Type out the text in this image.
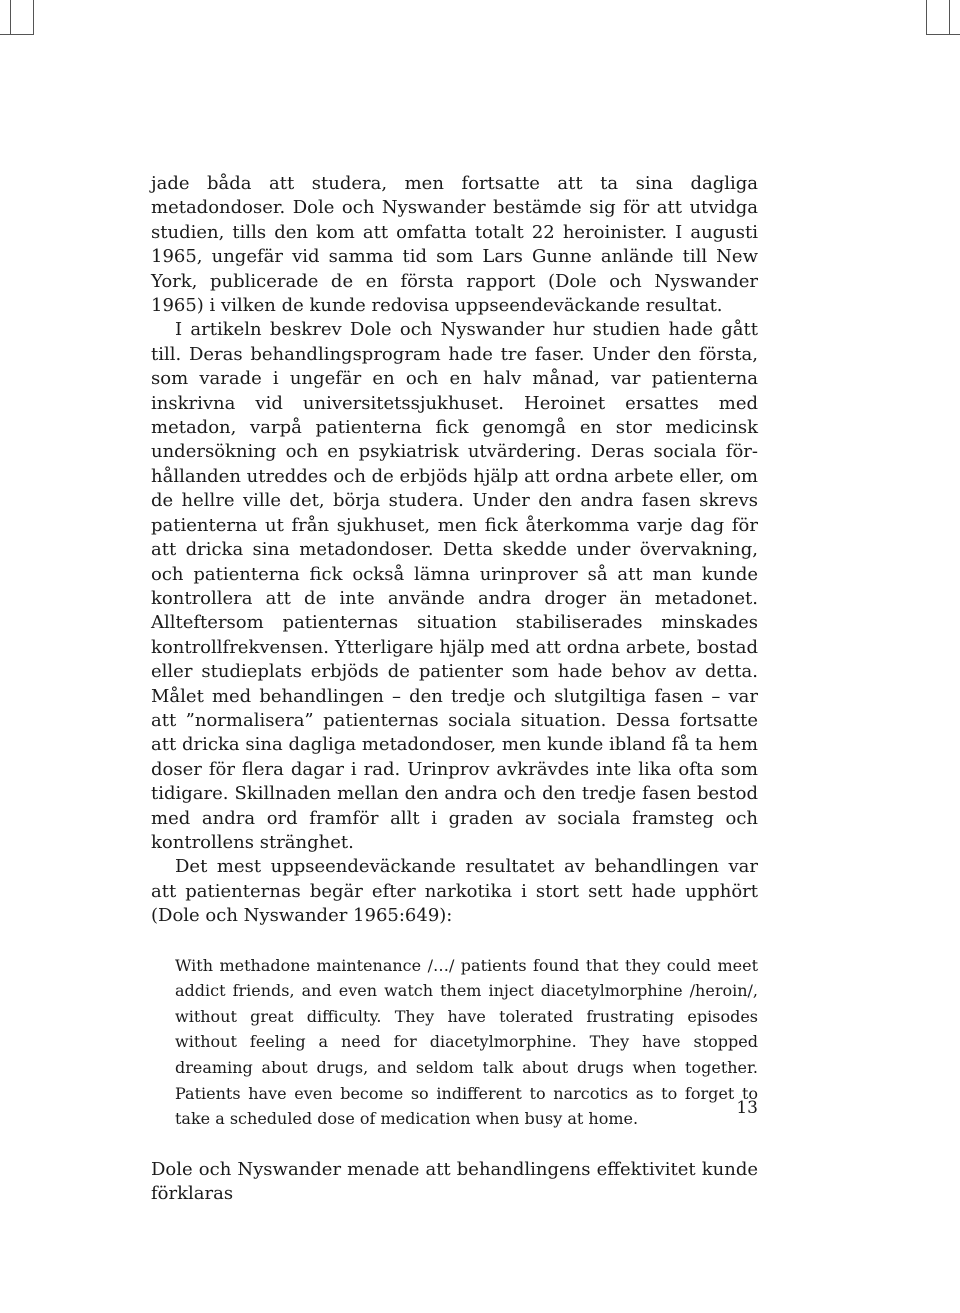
jade båda att studera, men fortsatte att ta sina dagliga metadondoser. Dole och Nyswander bestämde sig för att utvidga studien, tills den kom att omfatta totalt 22 heroinister. I augusti 1965, ungefär vid samma tid som Lars Gunne anlände till New York, publicerade de en första rapport (Dole och Nyswander 1965) i vilken de kunde redovisa uppseendeväckande resultat.

I artikeln beskrev Dole och Nyswander hur studien hade gått till. Deras behandlingsprogram hade tre faser. Under den första, som varade i ungefär en och en halv månad, var patienterna inskrivna vid universitetssjukhuset. Heroinet ersattes med metadon, varpå patienterna fick genomgå en stor medicinsk undersökning och en psykiatrisk utvärdering. Deras sociala förhållanden utreddes och de erbjöds hjälp att ordna arbete eller, om de hellre ville det, börja studera. Under den andra fasen skrevs patienterna ut från sjukhuset, men fick återkomma varje dag för att dricka sina metadondoser. Detta skedde under övervakning, och patienterna fick också lämna urinprover så att man kunde kontrollera att de inte använde andra droger än metadonet. Allteftersom patienternas situation stabiliserades minskades kontrollfrekvensen. Ytterligare hjälp med att ordna arbete, bostad eller studieplats erbjöds de patienter som hade behov av detta. Målet med behandlingen – den tredje och slutgiltiga fasen – var att ”normalisera” patienternas sociala situation. Dessa fortsatte att dricka sina dagliga metadondoser, men kunde ibland få ta hem doser för flera dagar i rad. Urinprov avkrävdes inte lika ofta som tidigare. Skillnaden mellan den andra och den tredje fasen bestod med andra ord framför allt i graden av sociala framsteg och kontrollens stränghet.

Det mest uppseendeväckande resultatet av behandlingen var att patienternas begär efter narkotika i stort sett hade upphört (Dole och Nyswander 1965:649):

With methadone maintenance /…/ patients found that they could meet addict friends, and even watch them inject diacetylmorphine /heroin/, without great difficulty. They have tolerated frustrating episodes without feeling a need for diacetylmorphine. They have stopped dreaming about drugs, and seldom talk about drugs when together. Patients have even become so indifferent to narcotics as to forget to take a scheduled dose of medication when busy at home.

Dole och Nyswander menade att behandlingens effektivitet kunde förklaras

13
